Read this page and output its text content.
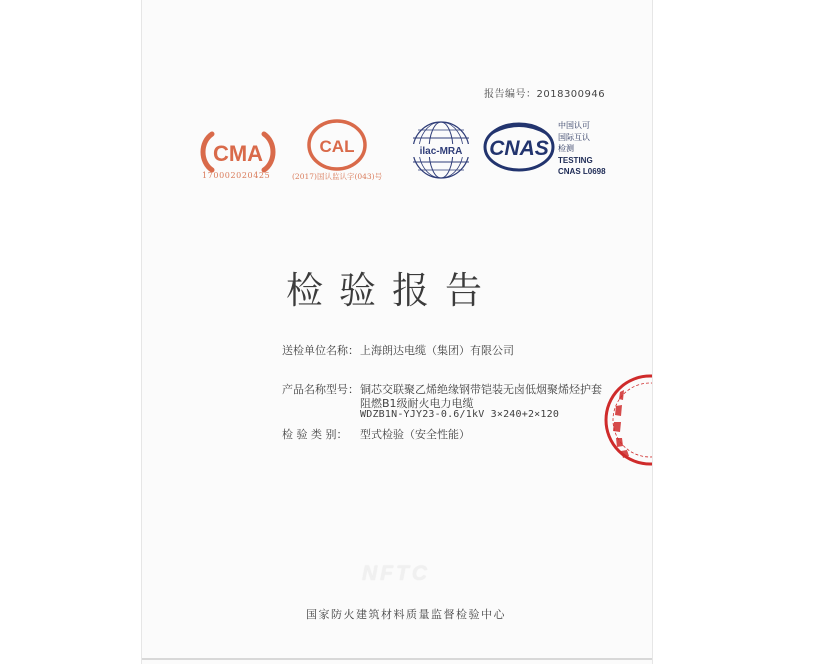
报告编号：2018300946
CMA
170002020425
CAL
(2017)国认监认字(043)号
ilac-MRA CNAS
中国认可
国际互认
检测
TESTING
CNAS L0698
检验报告
送检单位名称： 上海朗达电缆（集团）有限公司
产品名称型号： 铜芯交联聚乙烯绝缘钢带铠装无卤低烟聚烯烃护套
阻燃B1级耐火电力电缆
WDZB1N-YJY23-0.6/1kV 3×240+2×120
检 验 类 别： 型式检验（安全性能）
NFTC
国家防火建筑材料质量监督检验中心
